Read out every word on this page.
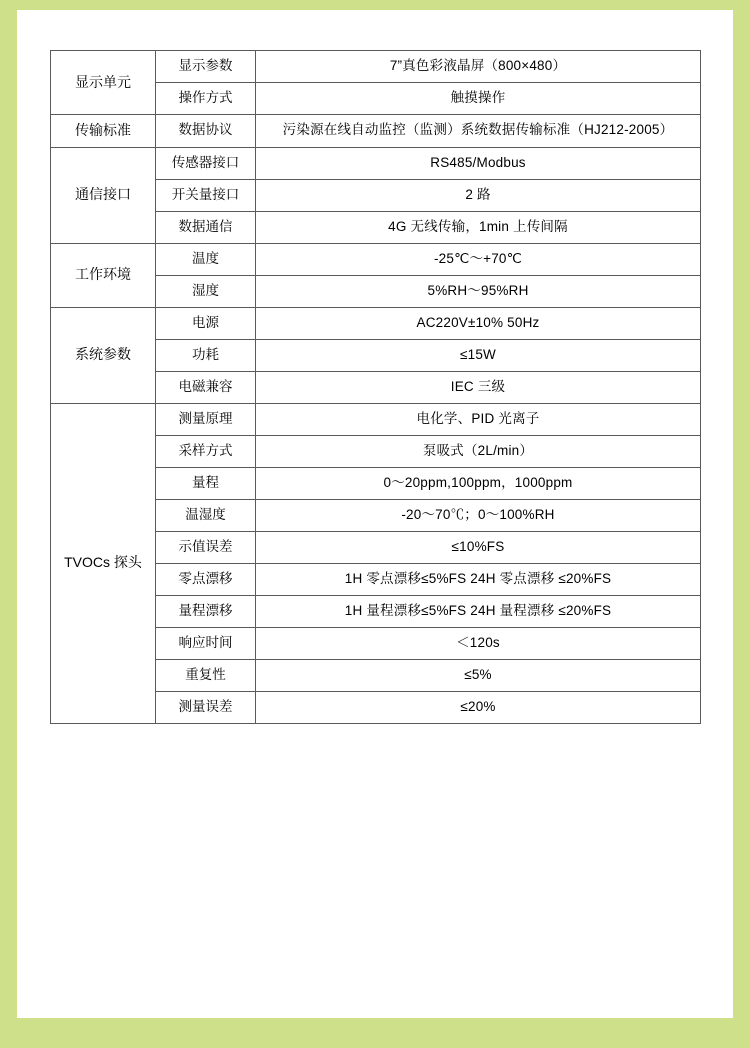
显示单元	显示参数	7”真色彩液晶屏（800×480）
	操作方式	触摸操作
传输标准	数据协议	污染源在线自动监控（监测）系统数据传输标准（HJ212-2005）
通信接口	传感器接口	RS485/Modbus
	开关量接口	2 路
	数据通信	4G 无线传输，1min 上传间隔
工作环境	温度	-25℃～+70℃
	湿度	5%RH～95%RH
系统参数	电源	AC220V±10% 50Hz
	功耗	≤15W
	电磁兼容	IEC 三级
TVOCs 探头	测量原理	电化学、PID 光离子
	采样方式	泵吸式（2L/min）
	量程	0～20ppm,100ppm，1000ppm
	温湿度	-20～70℃；0～100%RH
	示值误差	≤10%FS
	零点漂移	1H 零点漂移≤5%FS 24H 零点漂移 ≤20%FS
	量程漂移	1H 量程漂移≤5%FS 24H 量程漂移 ≤20%FS
	响应时间	＜120s
	重复性	≤5%
	测量误差	≤20%
